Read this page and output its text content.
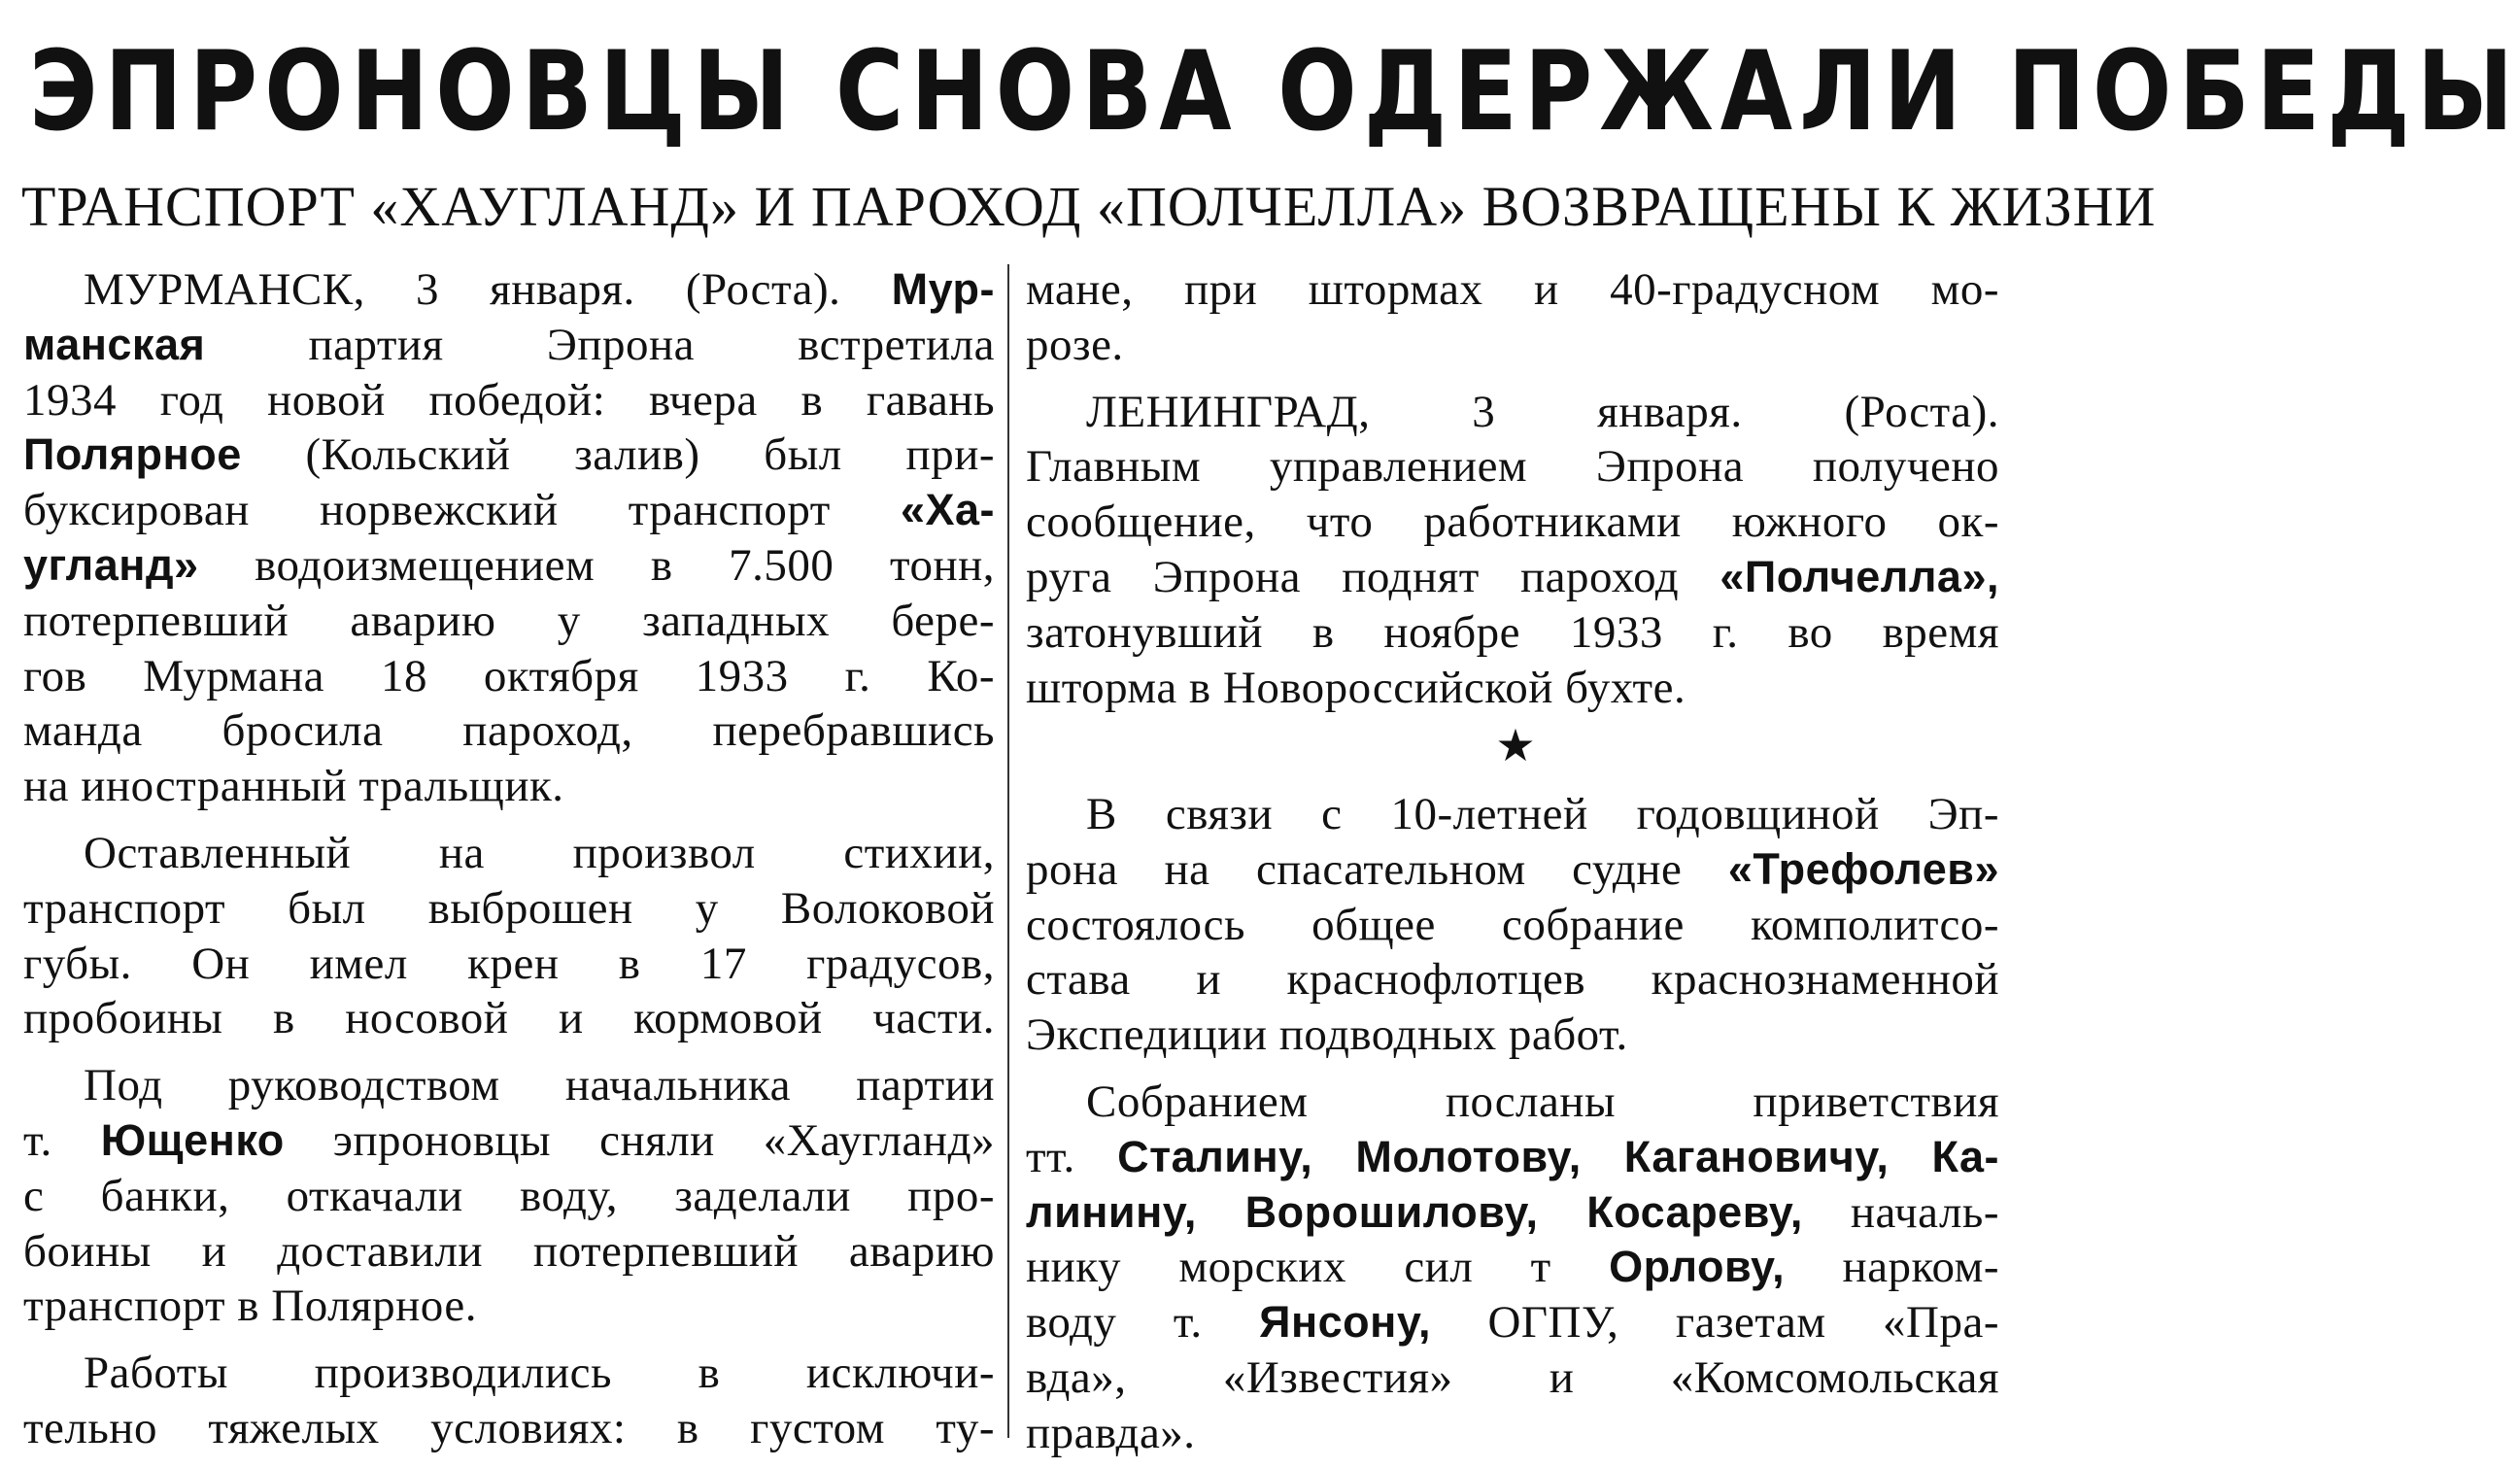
ЭПРОНОВЦЫ СНОВА ОДЕРЖАЛИ ПОБЕДЫ
ТРАНСПОРТ «ХАУГЛАНД» И ПАРОХОД «ПОЛЧЕЛЛА» ВОЗВРАЩЕНЫ К ЖИЗНИ

МУРМАНСК, 3 января. (Роста). Мур-

манская партия Эпрона встретила

1934 год новой победой: вчера в гавань

Полярное (Кольский залив) был при-

буксирован норвежский транспорт «Ха-

угланд» водоизмещением в 7.500 тонн,

потерпевший аварию у западных бере-

гов Мурмана 18 октября 1933 г. Ко-

манда бросила пароход, перебравшись

на иностранный тральщик.

Оставленный на произвол стихии,

транспорт был выброшен у Волоковой

губы. Он имел крен в 17 градусов,

пробоины в носовой и кормовой части.

Под руководством начальника партии

т. Ющенко эпроновцы сняли «Хаугланд»

с банки, откачали воду, заделали про-

боины и доставили потерпевший аварию

транспорт в Полярное.

Работы производились в исключи-

тельно тяжелых условиях: в густом ту-

мане, при штормах и 40-градусном мо-

розе.

ЛЕНИНГРАД, 3 января. (Роста).

Главным управлением Эпрона получено

сообщение, что работниками южного ок-

руга Эпрона поднят пароход «Полчелла»,

затонувший в ноябре 1933 г. во время

шторма в Новороссийской бухте.

★

В связи с 10-летней годовщиной Эп-

рона на спасательном судне «Трефолев»

состоялось общее собрание комполитсо-

става и краснофлотцев краснознаменной

Экспедиции подводных работ.

Собранием посланы приветствия

тт. Сталину, Молотову, Кагановичу, Ка-

линину, Ворошилову, Косареву, началь-

нику морских сил т Орлову, нарком-

воду т. Янсону, ОГПУ, газетам «Пра-

вда», «Известия» и «Комсомольская

правда».
